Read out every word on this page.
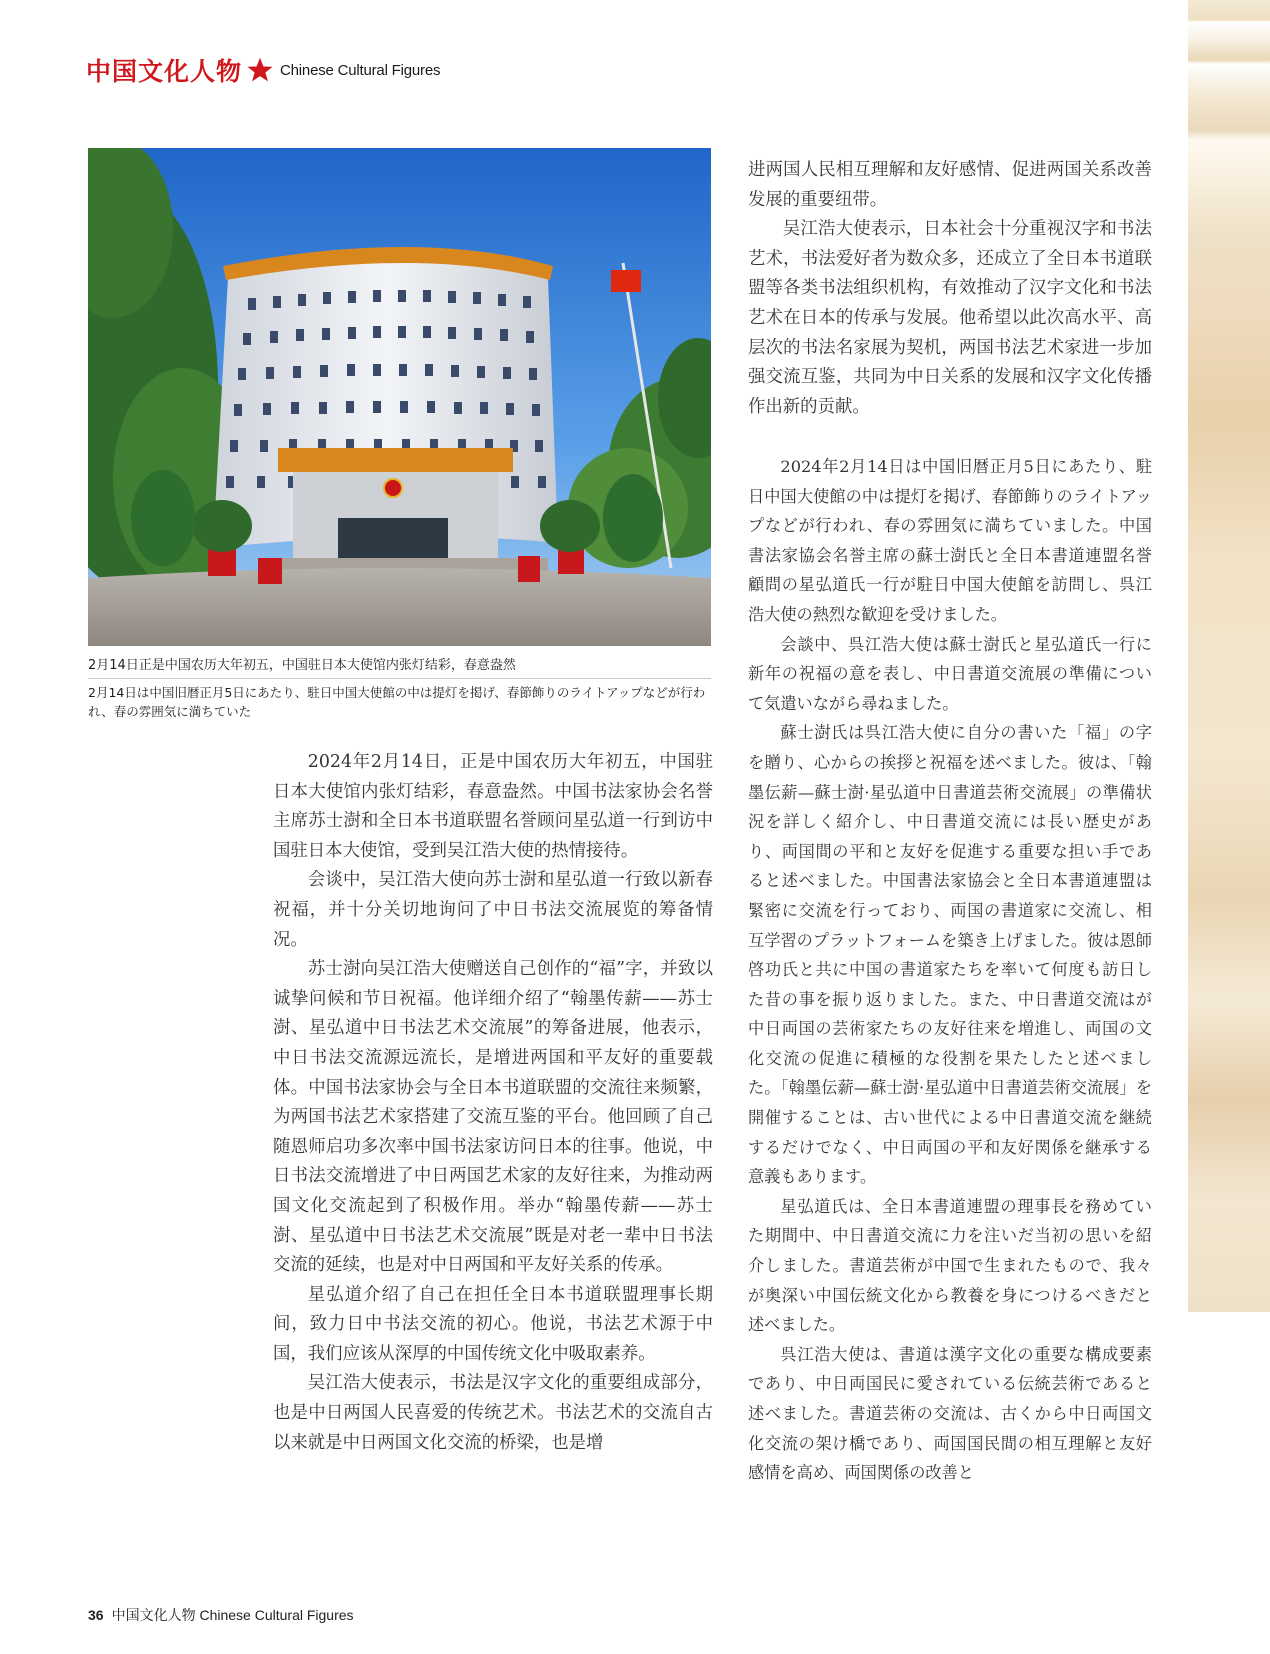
中国文化人物	Chinese Cultural Figures
2月14日正是中国农历大年初五，中国驻日本大使馆内张灯结彩，春意盎然
2月14日は中国旧暦正月5日にあたり、駐日中国大使館の中は提灯を掲げ、春節飾りのライトアップなどが行われ、春の雰囲気に満ちていた

2024年2月14日，正是中国农历大年初五，中国驻日本大使馆内张灯结彩，春意盎然。中国书法家协会名誉主席苏士澍和全日本书道联盟名誉顾问星弘道一行到访中国驻日本大使馆，受到吴江浩大使的热情接待。

会谈中，吴江浩大使向苏士澍和星弘道一行致以新春祝福，并十分关切地询问了中日书法交流展览的筹备情况。

苏士澍向吴江浩大使赠送自己创作的“福”字，并致以诚挚问候和节日祝福。他详细介绍了“翰墨传薪——苏士澍、星弘道中日书法艺术交流展”的筹备进展，他表示，中日书法交流源远流长，是增进两国和平友好的重要载体。中国书法家协会与全日本书道联盟的交流往来频繁，为两国书法艺术家搭建了交流互鉴的平台。他回顾了自己随恩师启功多次率中国书法家访问日本的往事。他说，中日书法交流增进了中日两国艺术家的友好往来，为推动两国文化交流起到了积极作用。举办“翰墨传薪——苏士澍、星弘道中日书法艺术交流展”既是对老一辈中日书法交流的延续，也是对中日两国和平友好关系的传承。

星弘道介绍了自己在担任全日本书道联盟理事长期间，致力日中书法交流的初心。他说，书法艺术源于中国，我们应该从深厚的中国传统文化中吸取素养。

吴江浩大使表示，书法是汉字文化的重要组成部分，也是中日两国人民喜爱的传统艺术。书法艺术的交流自古以来就是中日两国文化交流的桥梁，也是增

进两国人民相互理解和友好感情、促进两国关系改善发展的重要纽带。

吴江浩大使表示，日本社会十分重视汉字和书法艺术，书法爱好者为数众多，还成立了全日本书道联盟等各类书法组织机构，有效推动了汉字文化和书法艺术在日本的传承与发展。他希望以此次高水平、高层次的书法名家展为契机，两国书法艺术家进一步加强交流互鉴，共同为中日关系的发展和汉字文化传播作出新的贡献。

2024年2月14日は中国旧暦正月5日にあたり、駐日中国大使館の中は提灯を掲げ、春節飾りのライトアップなどが行われ、春の雰囲気に満ちていました。中国書法家協会名誉主席の蘇士澍氏と全日本書道連盟名誉顧問の星弘道氏一行が駐日中国大使館を訪問し、呉江浩大使の熱烈な歓迎を受けました。

会談中、呉江浩大使は蘇士澍氏と星弘道氏一行に新年の祝福の意を表し、中日書道交流展の準備について気遣いながら尋ねました。

蘇士澍氏は呉江浩大使に自分の書いた「福」の字を贈り、心からの挨拶と祝福を述べました。彼は、「翰墨伝薪—蘇士澍·星弘道中日書道芸術交流展」の準備状況を詳しく紹介し、中日書道交流には長い歴史があり、両国間の平和と友好を促進する重要な担い手であると述べました。中国書法家協会と全日本書道連盟は緊密に交流を行っており、両国の書道家に交流し、相互学習のプラットフォームを築き上げました。彼は恩師啓功氏と共に中国の書道家たちを率いて何度も訪日した昔の事を振り返りました。また、中日書道交流はが中日両国の芸術家たちの友好往来を増進し、両国の文化交流の促進に積極的な役割を果たしたと述べました。「翰墨伝薪—蘇士澍·星弘道中日書道芸術交流展」を開催することは、古い世代による中日書道交流を継続するだけでなく、中日両国の平和友好関係を継承する意義もあります。

星弘道氏は、全日本書道連盟の理事長を務めていた期間中、中日書道交流に力を注いだ当初の思いを紹介しました。書道芸術が中国で生まれたもので、我々が奥深い中国伝統文化から教養を身につけるべきだと述べました。

呉江浩大使は、書道は漢字文化の重要な構成要素であり、中日両国民に愛されている伝統芸術であると述べました。書道芸術の交流は、古くから中日両国文化交流の架け橋であり、両国国民間の相互理解と友好感情を高め、両国関係の改善と

36 中国文化人物 Chinese Cultural Figures
